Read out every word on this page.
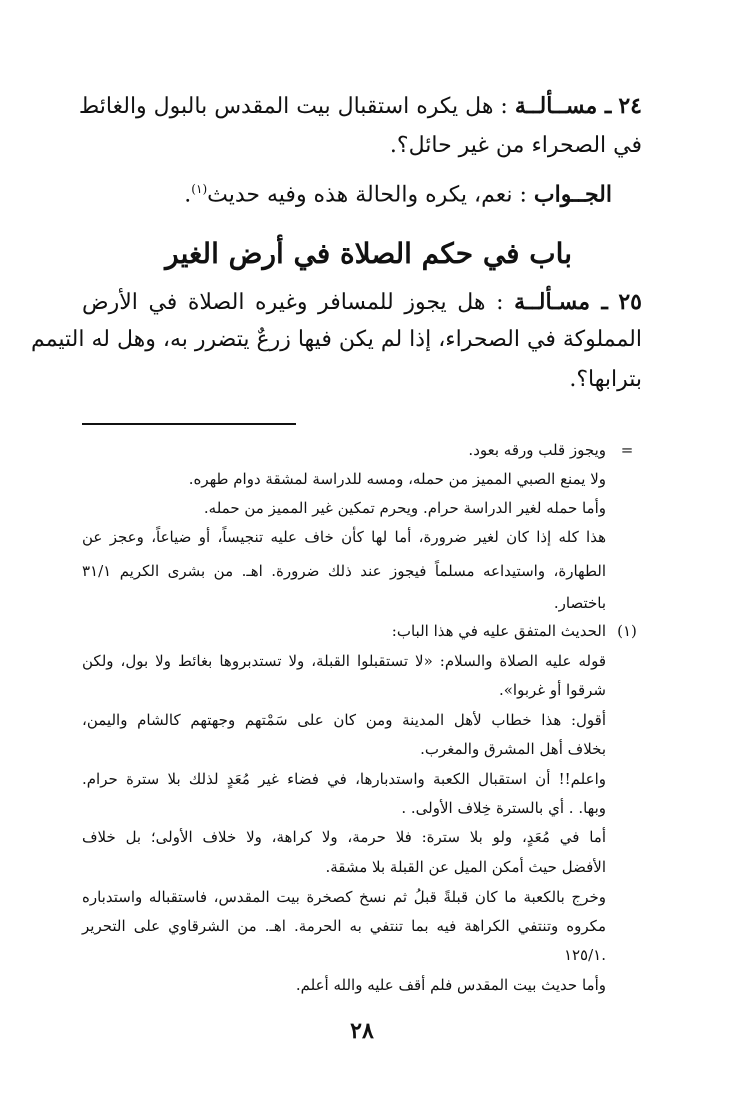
٢٤ ـ مســألــة : هل يكره استقبال بيت المقدس بالبول والغائط
في الصحراء من غير حائل؟.
الجــواب : نعم، يكره والحالة هذه وفيه حديث$^{(١)}$.
باب في حكم الصلاة في أرض الغير
٢٥ ـ مسـألــة : هل يجوز للمسافر وغيره الصلاة في الأرض
المملوكة في الصحراء، إذا لم يكن فيها زرعٌ يتضرر به، وهل له التيمم
بترابها؟.
=
ويجوز قلب ورقه بعود.
ولا يمنع الصبي المميز من حمله، ومسه للدراسة لمشقة دوام طهره.
وأما حمله لغير الدراسة حرام. ويحرم تمكين غير المميز من حمله.
هذا كله إذا كان لغير ضرورة، أما لها كأن خاف عليه تنجيساً، أو ضياعاً، وعجز عن
الطهارة، واستيداعه مسلماً فيجوز عند ذلك ضرورة. اهـ. من بشرى الكريم ٣١/١
باختصار.
(١)
الحديث المتفق عليه في هذا الباب:
قوله عليه الصلاة والسلام: «لا تستقبلوا القبلة، ولا تستدبروها بغائط ولا بول، ولكن
شرقوا أو غربوا».
أقول: هذا خطاب لأهل المدينة ومن كان على سَمْتهم وجهتهم كالشام واليمن،
بخلاف أهل المشرق والمغرب.
واعلم!! أن استقبال الكعبة واستدبارها، في فضاء غير مُعَدٍ لذلك بلا سترة حرام.
وبها. . أي بالسترة خِلاف الأولى. .
أما في مُعَدٍ، ولو بلا سترة: فلا حرمة، ولا كراهة، ولا خلاف الأولى؛ بل خلاف
الأفضل حيث أمكن الميل عن القبلة بلا مشقة.
وخرج بالكعبة ما كان قبلةً قبلُ ثم نسخ كصخرة بيت المقدس، فاستقباله واستدباره
مكروه وتنتفي الكراهة فيه بما تنتفي به الحرمة. اهـ. من الشرقاوي على التحرير
.١٢٥/١
وأما حديث بيت المقدس فلم أقف عليه والله أعلم.
٢٨
